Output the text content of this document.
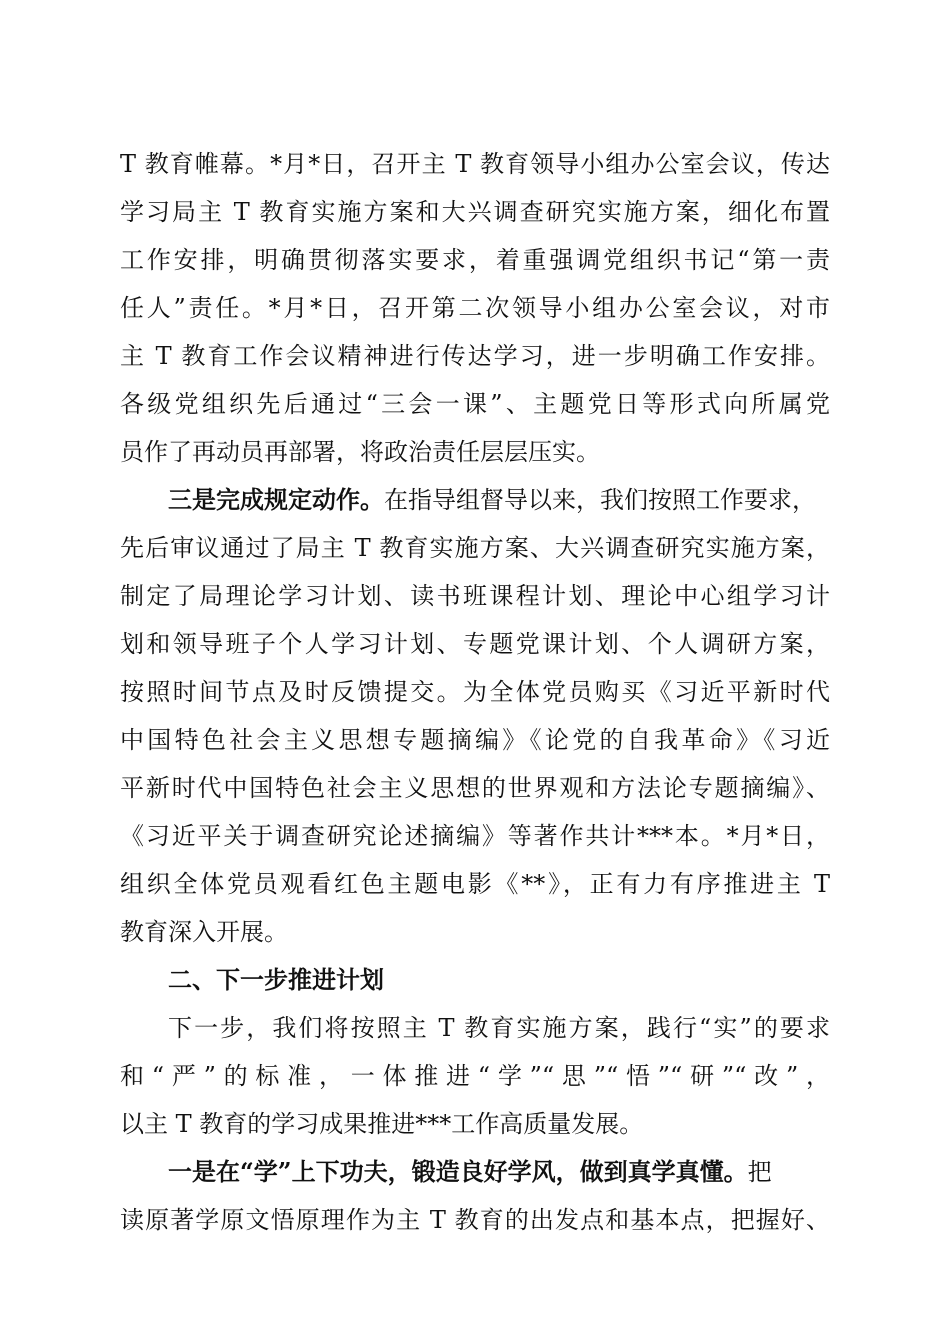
T 教育帷幕。*月*日，召开主 T 教育领导小组办公室会议，传达
学习局主 T 教育实施方案和大兴调查研究实施方案，细化布置
工作安排，明确贯彻落实要求，着重强调党组织书记“第一责
任人”责任。*月*日，召开第二次领导小组办公室会议，对市
主 T 教育工作会议精神进行传达学习，进一步明确工作安排。
各级党组织先后通过“三会一课”、主题党日等形式向所属党
员作了再动员再部署，将政治责任层层压实。
三是完成规定动作。在指导组督导以来，我们按照工作要求，
先后审议通过了局主 T 教育实施方案、大兴调查研究实施方案，
制定了局理论学习计划、读书班课程计划、理论中心组学习计
划和领导班子个人学习计划、专题党课计划、个人调研方案，
按照时间节点及时反馈提交。为全体党员购买《习近平新时代
中国特色社会主义思想专题摘编》《论党的自我革命》《习近
平新时代中国特色社会主义思想的世界观和方法论专题摘编》、
《习近平关于调查研究论述摘编》等著作共计***本。*月*日，
组织全体党员观看红色主题电影《**》，正有力有序推进主 T
教育深入开展。
二、下一步推进计划
下一步，我们将按照主 T 教育实施方案，践行“实”的要求
和“严”的标准，一体推进“学”“思”“悟”“研”“改”，
以主 T 教育的学习成果推进***工作高质量发展。
一是在“学”上下功夫，锻造良好学风，做到真学真懂。把
读原著学原文悟原理作为主 T 教育的出发点和基本点，把握好、
